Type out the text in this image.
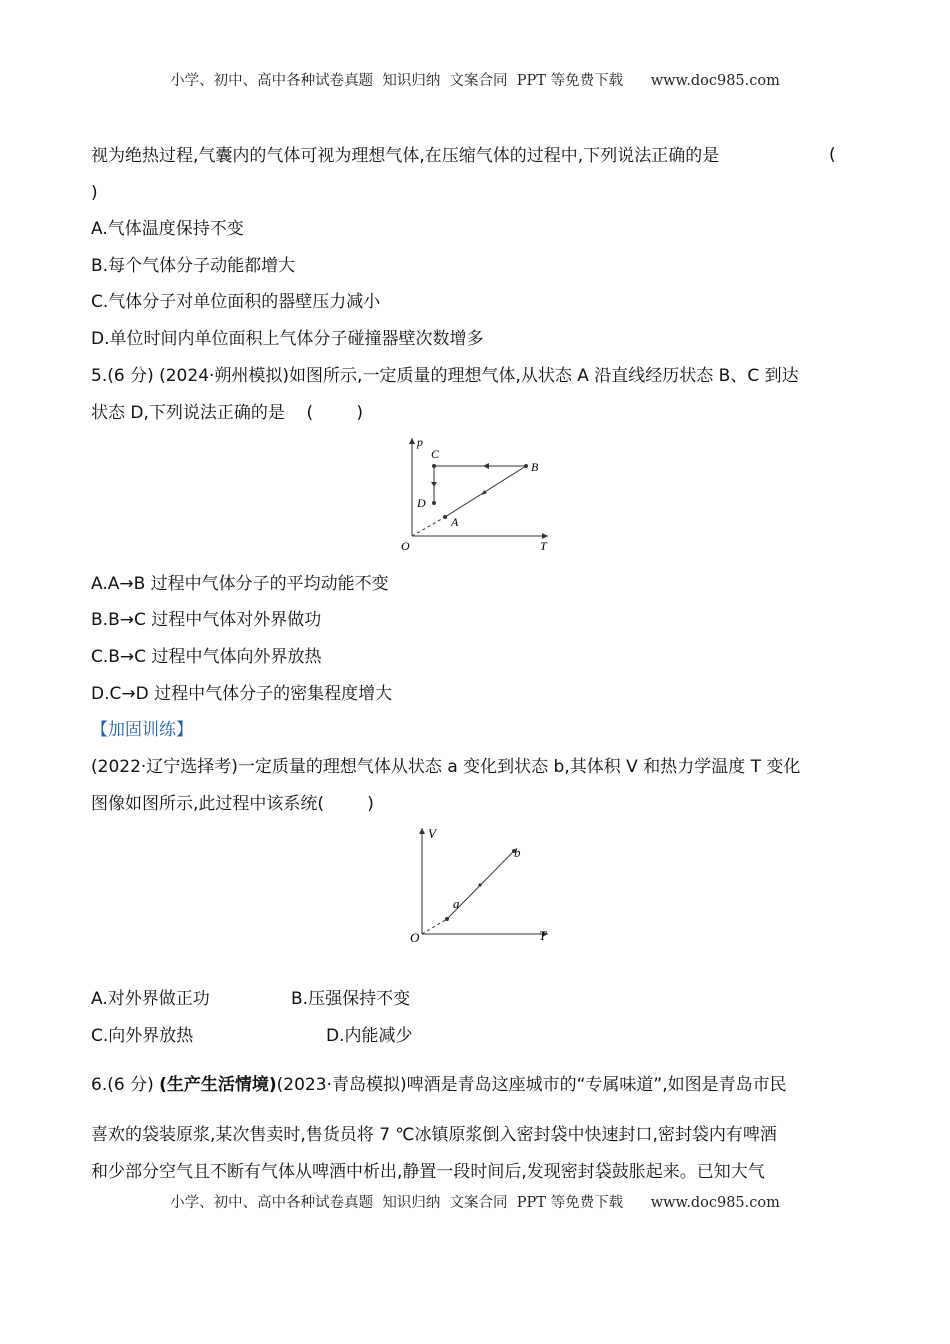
小学、初中、高中各种试卷真题  知识归纳  文案合同  PPT 等免费下载      www.doc985.com
视为绝热过程,气囊内的气体可视为理想气体,在压缩气体的过程中,下列说法正确的是	(
)
A.气体温度保持不变
B.每个气体分子动能都增大
C.气体分子对单位面积的器壁压力减小
D.单位时间内单位面积上气体分子碰撞器壁次数增多
5.(6 分) (2024·朔州模拟)如图所示,一定质量的理想气体,从状态 A 沿直线经历状态 B、C 到达
状态 D,下列说法正确的是    (        )
p
T
O
A
B
C
D
A.A→B 过程中气体分子的平均动能不变
B.B→C 过程中气体对外界做功
C.B→C 过程中气体向外界放热
D.C→D 过程中气体分子的密集程度增大
【加固训练】
(2022·辽宁选择考)一定质量的理想气体从状态 a 变化到状态 b,其体积 V 和热力学温度 T 变化
图像如图所示,此过程中该系统(        )
V
T
O
a
b
A.对外界做正功	B.压强保持不变
C.向外界放热	D.内能减少
6.(6 分) (生产生活情境)(2023·青岛模拟)啤酒是青岛这座城市的“专属味道”,如图是青岛市民
喜欢的袋装原浆,某次售卖时,售货员将 7 ℃冰镇原浆倒入密封袋中快速封口,密封袋内有啤酒
和少部分空气且不断有气体从啤酒中析出,静置一段时间后,发现密封袋鼓胀起来。已知大气
小学、初中、高中各种试卷真题  知识归纳  文案合同  PPT 等免费下载      www.doc985.com
